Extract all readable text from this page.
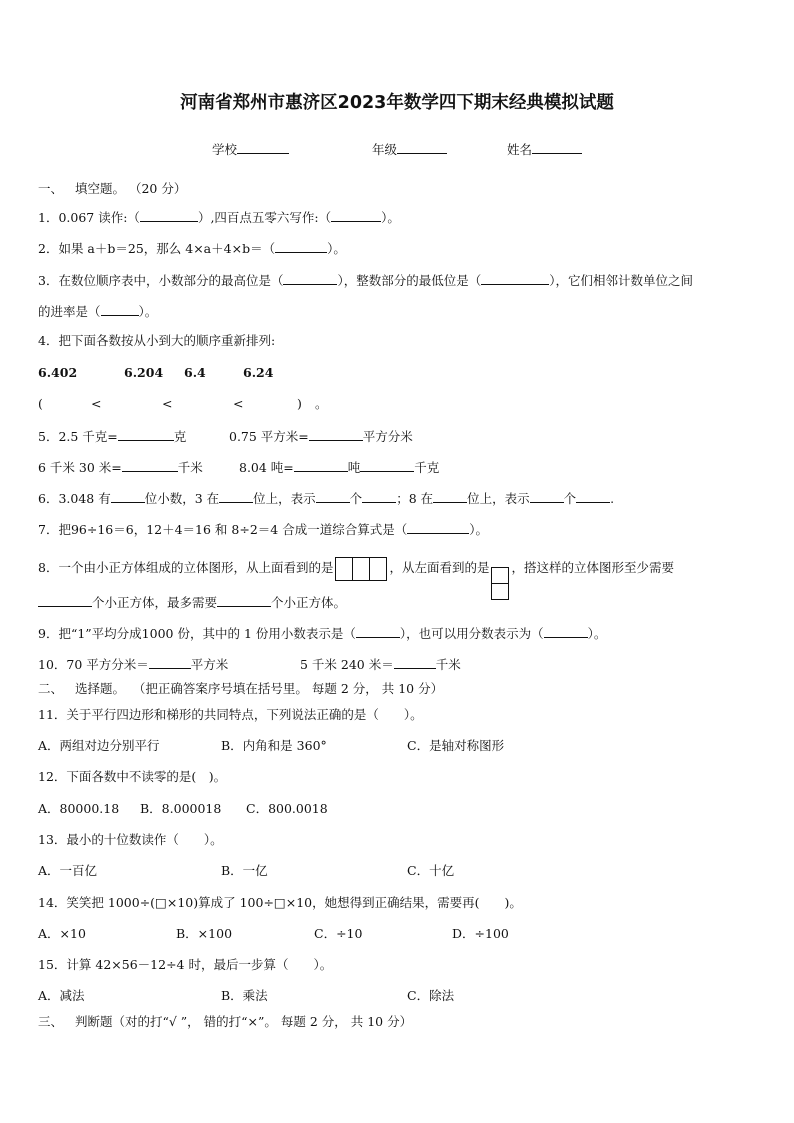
河南省郑州市惠济区2023年数学四下期末经典模拟试题
学校	年级	姓名
一、 填空题。 （20 分）
1．0.067 读作:（	）,四百点五零六写作:（	）。
2．如果 a＋b＝25，那么 4×a＋4×b＝（	）。
3．在数位顺序表中，小数部分的最高位是（	），整数部分的最低位是（	），它们相邻计数单位之间
的进率是（	）。
4．把下面各数按从小到大的顺序重新排列:
6.402	6.204 6.4	6.24
(	<	<	<	) 。
5．2.5 千克=	克	0.75 平方米=	平方分米
6 千米 30 米=	千米	8.04 吨=	吨	千克
6．3.048 有	位小数，3 在	位上，表示	个	；8 在	位上，表示	个	.
7．把96÷16＝6，12＋4＝16 和 8÷2＝4 合成一道综合算式是（	）。
8．一个由小正方体组成的立体图形，从上面看到的是	，从左面看到的是 ，搭这样的立体图形至少需要
个小正方体，最多需要	个小正方体。
9．把“1”平均分成1000 份，其中的 1 份用小数表示是（	），也可以用分数表示为（	）。
10．70 平方分米＝	平方米	5 千米 240 米＝	千米
二、 选择题。 （把正确答案序号填在括号里。 每题 2 分， 共 10 分）
11．关于平行四边形和梯形的共同特点，下列说法正确的是（　　）。
A．两组对边分别平行	B．内角和是 360°	C．是轴对称图形
12．下面各数中不读零的是(　)。
A．80000.18 B．8.000018 C．800.0018
13．最小的十位数读作（　　）。
A．一百亿	B．一亿	C．十亿
14．笑笑把 1000÷(□×10)算成了 100÷□×10，她想得到正确结果，需要再(　　)。
A．×10	B．×100	C．÷10	D．÷100
15．计算 42×56－12÷4 时，最后一步算（　　）。
A．减法	B．乘法	C．除法
三、 判断题（对的打“√ ”， 错的打“×”。 每题 2 分， 共 10 分）
